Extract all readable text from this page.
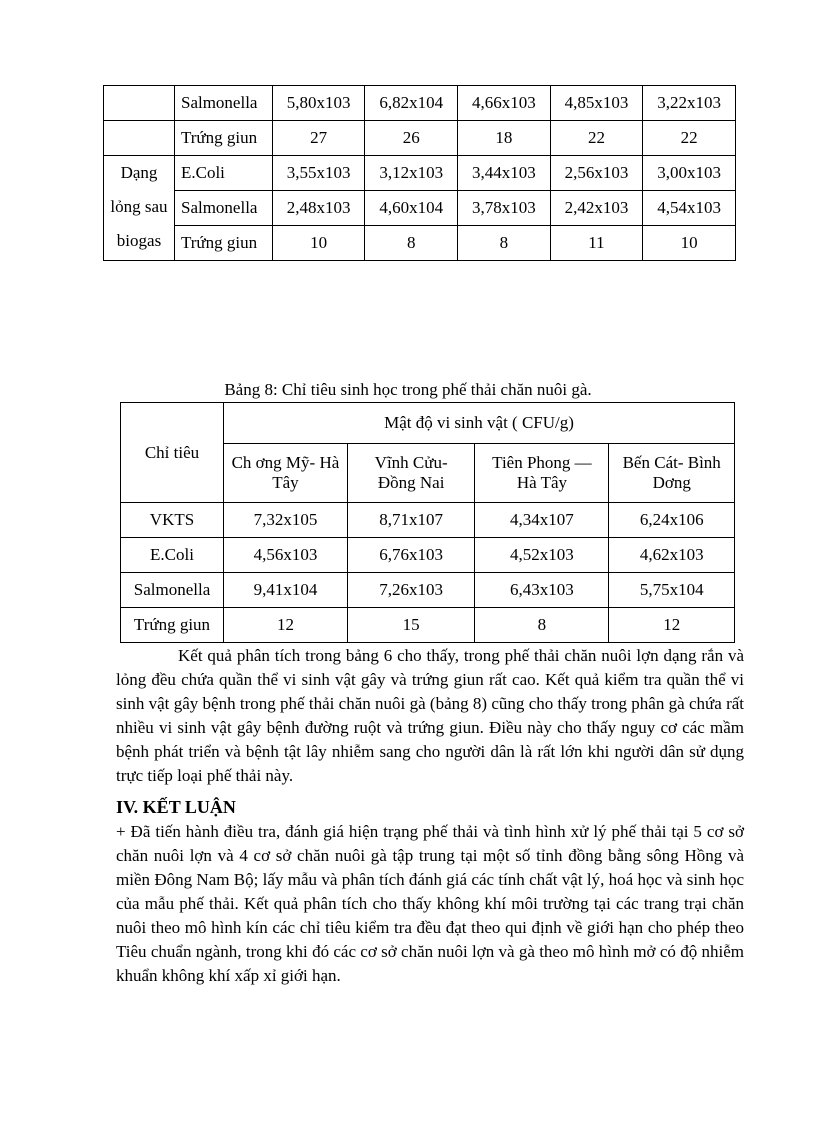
	Salmonella	5,80x103	6,82x104	4,66x103	4,85x103	3,22x103
	Trứng giun	27	26	18	22	22
Dạng lỏng sau biogas	E.Coli	3,55x103	3,12x103	3,44x103	2,56x103	3,00x103
	Salmonella	2,48x103	4,60x104	3,78x103	2,42x103	4,54x103
	Trứng giun	10	8	8	11	10
Bảng 8: Chỉ tiêu sinh học trong phế thải chăn nuôi gà.
Chỉ tiêu	Mật độ vi sinh vật ( CFU/g)			
	Ch ơng Mỹ- Hà Tây	Vĩnh Cửu- Đồng Nai	Tiên Phong — Hà Tây	Bến Cát- Bình Dơng
VKTS	7,32x105	8,71x107	4,34x107	6,24x106
E.Coli	4,56x103	6,76x103	4,52x103	4,62x103
Salmonella	9,41x104	7,26x103	6,43x103	5,75x104
Trứng giun	12	15	8	12

Kết quả phân tích trong bảng 6 cho thấy, trong phế thải chăn nuôi lợn dạng rắn và lỏng đều chứa quần thể vi sinh vật gây và trứng giun rất cao. Kết quả kiểm tra quần thể vi sinh vật gây bệnh trong phế thải chăn nuôi gà (bảng 8) cũng cho thấy trong phân gà chứa rất nhiều vi sinh vật gây bệnh đường ruột và trứng giun. Điều này cho thấy nguy cơ các mầm bệnh phát triển và bệnh tật lây nhiễm sang cho người dân là rất lớn khi người dân sử dụng trực tiếp loại phế thải này.

IV. KẾT LUẬN

+ Đã tiến hành điều tra, đánh giá hiện trạng phế thải và tình hình xử lý phế thải tại 5 cơ sở chăn nuôi lợn và 4 cơ sở chăn nuôi gà tập trung tại một số tỉnh đồng bằng sông Hồng và miền Đông Nam Bộ; lấy mẫu và phân tích đánh giá các tính chất vật lý, hoá học và sinh học của mẫu phế thải. Kết quả phân tích cho thấy không khí môi trường tại các trang trại chăn nuôi theo mô hình kín các chỉ tiêu kiểm tra đều đạt theo qui định về giới hạn cho phép theo Tiêu chuẩn ngành, trong khi đó các cơ sở chăn nuôi lợn và gà theo mô hình mở có độ nhiễm khuẩn không khí xấp xỉ giới hạn.
